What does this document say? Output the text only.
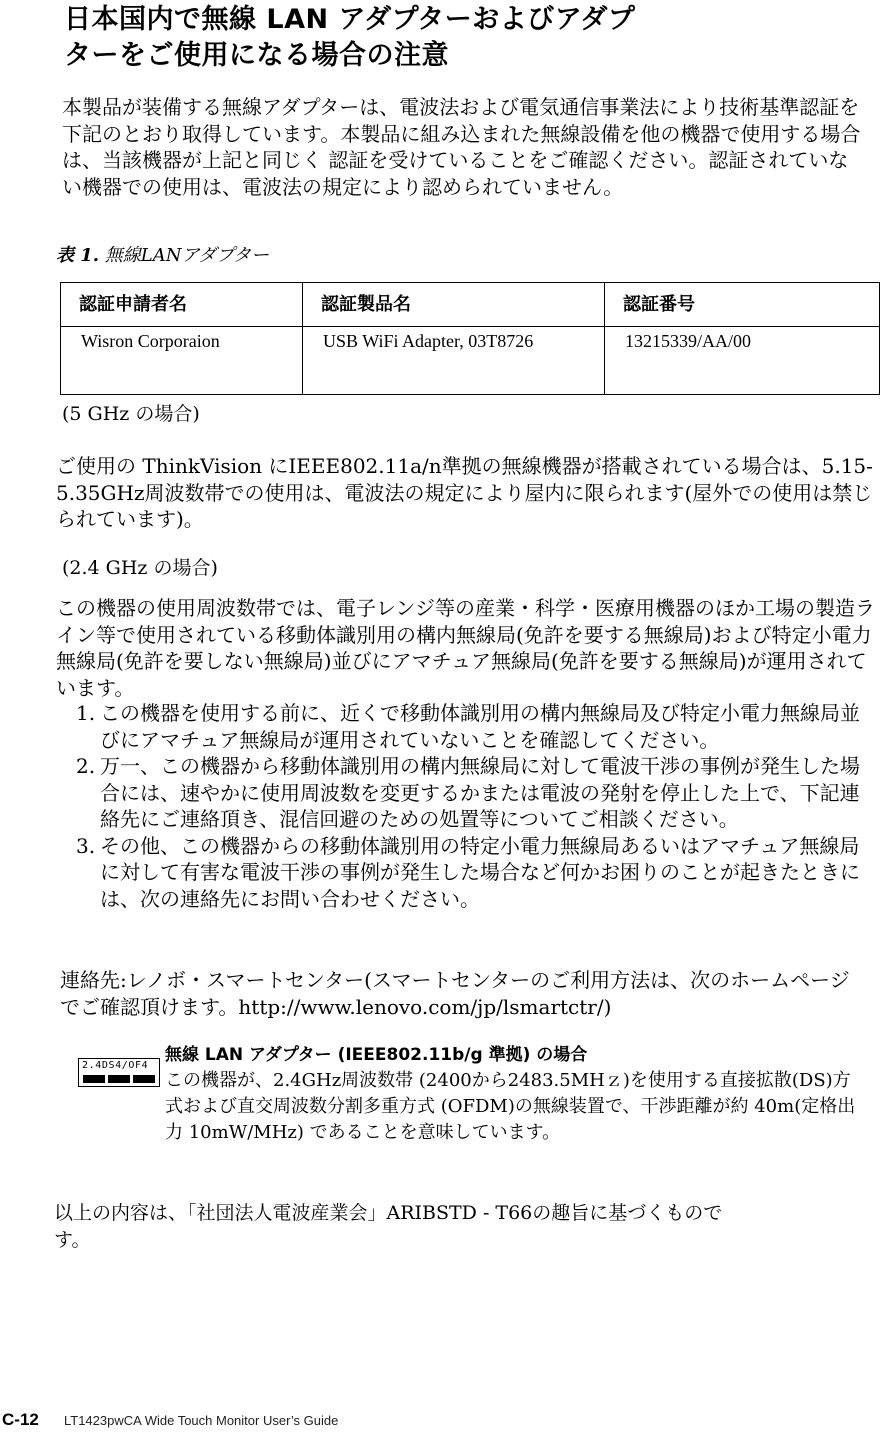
日本国内で無線 LAN アダプターおよびアダプ
ターをご使用になる場合の注意
本製品が装備する無線アダプターは、電波法および電気通信事業法により技術基準認証を下記のとおり取得しています。本製品に組み込まれた無線設備を他の機器で使用する場合は、当該機器が上記と同じく 認証を受けていることをご確認ください。認証されていない機器での使用は、電波法の規定により認められていません。
表 1. 無線LANアダプター
認証申請者名	認証製品名	認証番号
Wisron Corporaion	USB WiFi Adapter, 03T8726	13215339/AA/00
(5 GHz の場合)
ご使用の ThinkVision にIEEE802.11a/n準拠の無線機器が搭載されている場合は、5.15-5.35GHz周波数帯での使用は、電波法の規定により屋内に限られます(屋外での使用は禁じられています)。
(2.4 GHz の場合)
この機器の使用周波数帯では、電子レンジ等の産業・科学・医療用機器のほか工場の製造ライン等で使用されている移動体識別用の構内無線局(免許を要する無線局)および特定小電力無線局(免許を要しない無線局)並びにアマチュア無線局(免許を要する無線局)が運用されています。
1. この機器を使用する前に、近くで移動体識別用の構内無線局及び特定小電力無線局並びにアマチュア無線局が運用されていないことを確認してください。
2. 万一、この機器から移動体識別用の構内無線局に対して電波干渉の事例が発生した場合には、速やかに使用周波数を変更するかまたは電波の発射を停止した上で、下記連絡先にご連絡頂き、混信回避のための処置等についてご相談ください。
3. その他、この機器からの移動体識別用の特定小電力無線局あるいはアマチュア無線局に対して有害な電波干渉の事例が発生した場合など何かお困りのことが起きたときには、次の連絡先にお問い合わせください。
連絡先:レノボ・スマートセンター(スマートセンターのご利用方法は、次のホームページでご確認頂けます。http://www.lenovo.com/jp/lsmartctr/)
2.4DS4/OF4
無線 LAN アダプター (IEEE802.11b/g 準拠) の場合
この機器が、2.4GHz周波数帯 (2400から2483.5MHｚ)を使用する直接拡散(DS)方式および直交周波数分割多重方式 (OFDM)の無線装置で、干渉距離が約 40m(定格出力 10mW/MHz) であることを意味しています。
以上の内容は、「社団法人電波産業会」ARIBSTD - T66の趣旨に基づくものです。
C-12 LT1423pwCA Wide Touch Monitor User’s Guide
